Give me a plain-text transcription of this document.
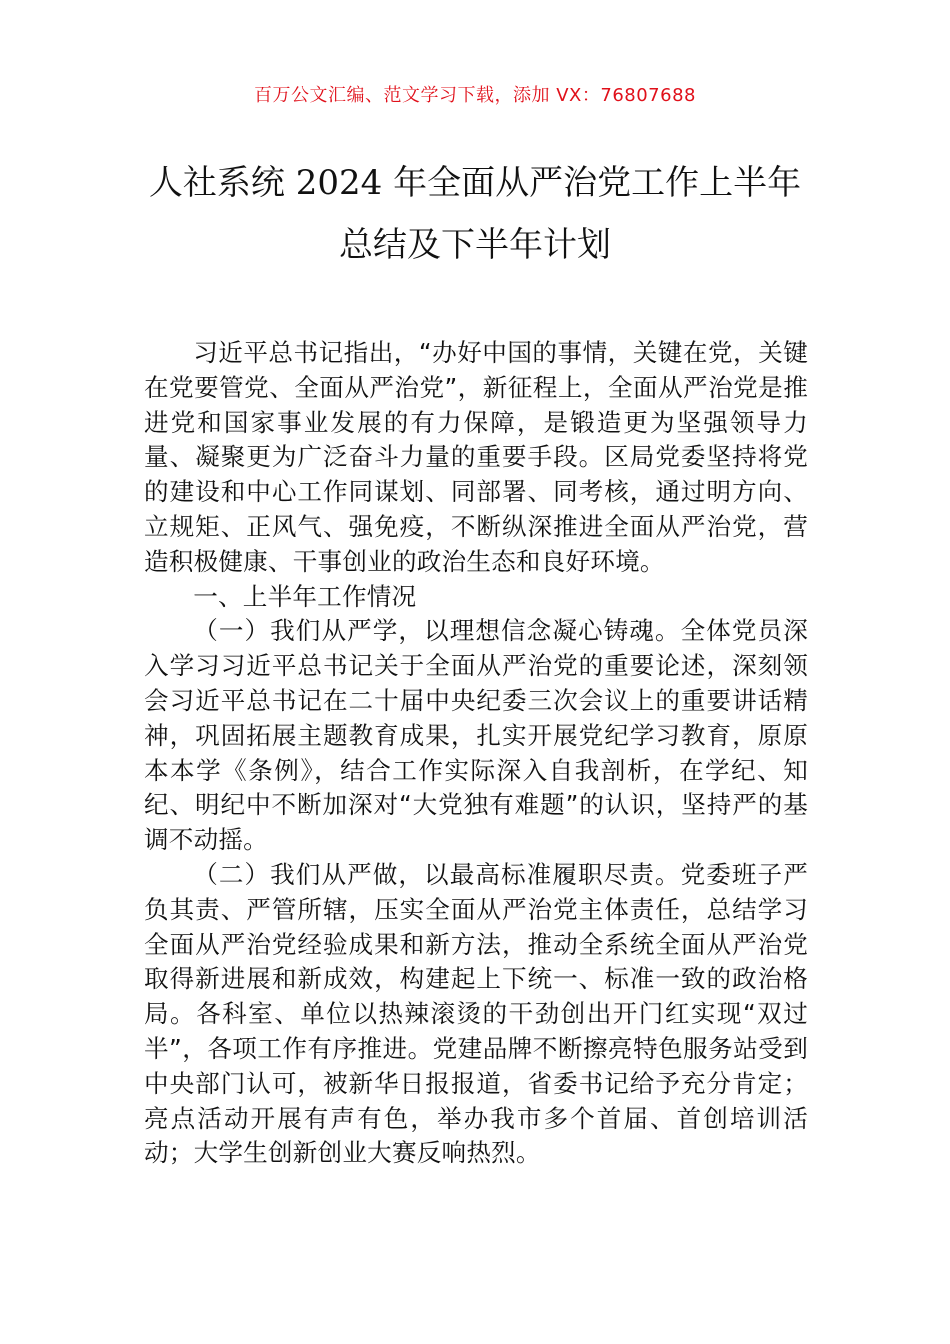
百万公文汇编、范文学习下载，添加 VX：76807688
人社系统 2024 年全面从严治党工作上半年
总结及下半年计划

习近平总书记指出，“办好中国的事情，关键在党，关键在党要管党、全面从严治党”，新征程上，全面从严治党是推进党和国家事业发展的有力保障，是锻造更为坚强领导力量、凝聚更为广泛奋斗力量的重要手段。区局党委坚持将党的建设和中心工作同谋划、同部署、同考核，通过明方向、立规矩、正风气、强免疫，不断纵深推进全面从严治党，营造积极健康、干事创业的政治生态和良好环境。

一、上半年工作情况

（一）我们从严学，以理想信念凝心铸魂。全体党员深入学习习近平总书记关于全面从严治党的重要论述，深刻领会习近平总书记在二十届中央纪委三次会议上的重要讲话精神，巩固拓展主题教育成果，扎实开展党纪学习教育，原原本本学《条例》，结合工作实际深入自我剖析，在学纪、知纪、明纪中不断加深对“大党独有难题”的认识，坚持严的基调不动摇。

（二）我们从严做，以最高标准履职尽责。党委班子严负其责、严管所辖，压实全面从严治党主体责任，总结学习全面从严治党经验成果和新方法，推动全系统全面从严治党取得新进展和新成效，构建起上下统一、标准一致的政治格局。各科室、单位以热辣滚烫的干劲创出开门红实现“双过半”，各项工作有序推进。党建品牌不断擦亮特色服务站受到中央部门认可，被新华日报报道，省委书记给予充分肯定；亮点活动开展有声有色，举办我市多个首届、首创培训活动；大学生创新创业大赛反响热烈。
